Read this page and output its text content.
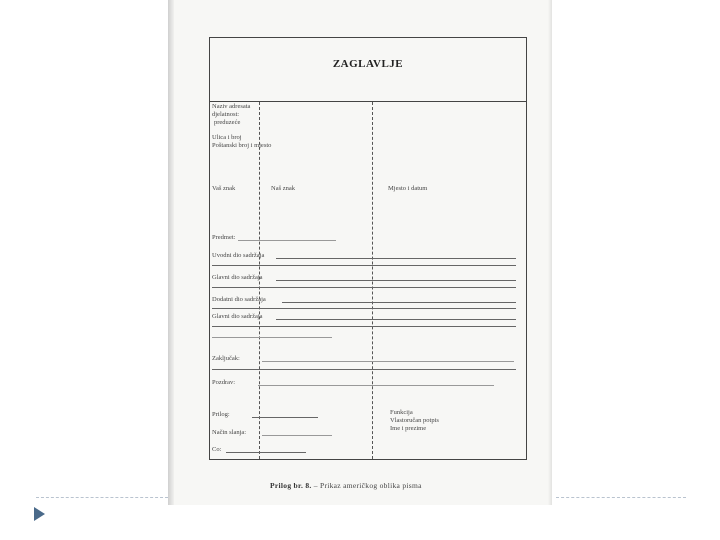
ZAGLAVLJE
Naziv adresata
djelatnost:
preduzeće
Ulica i broj
Poštanski broj i mjesto
Vaš znak	Naš znak	Mjesto i datum
Predmet:
Uvodni dio sadržaja
Glavni dio sadržaja
Dodatni dio sadržaja
Glavni dio sadržaja
Zaključak:
Pozdrav:
Prilog:
Način slanja:
Co:
Funkcija
Vlastoručan potpis
Ime i prezime
Prilog br. 8. – Prikaz američkog oblika pisma
